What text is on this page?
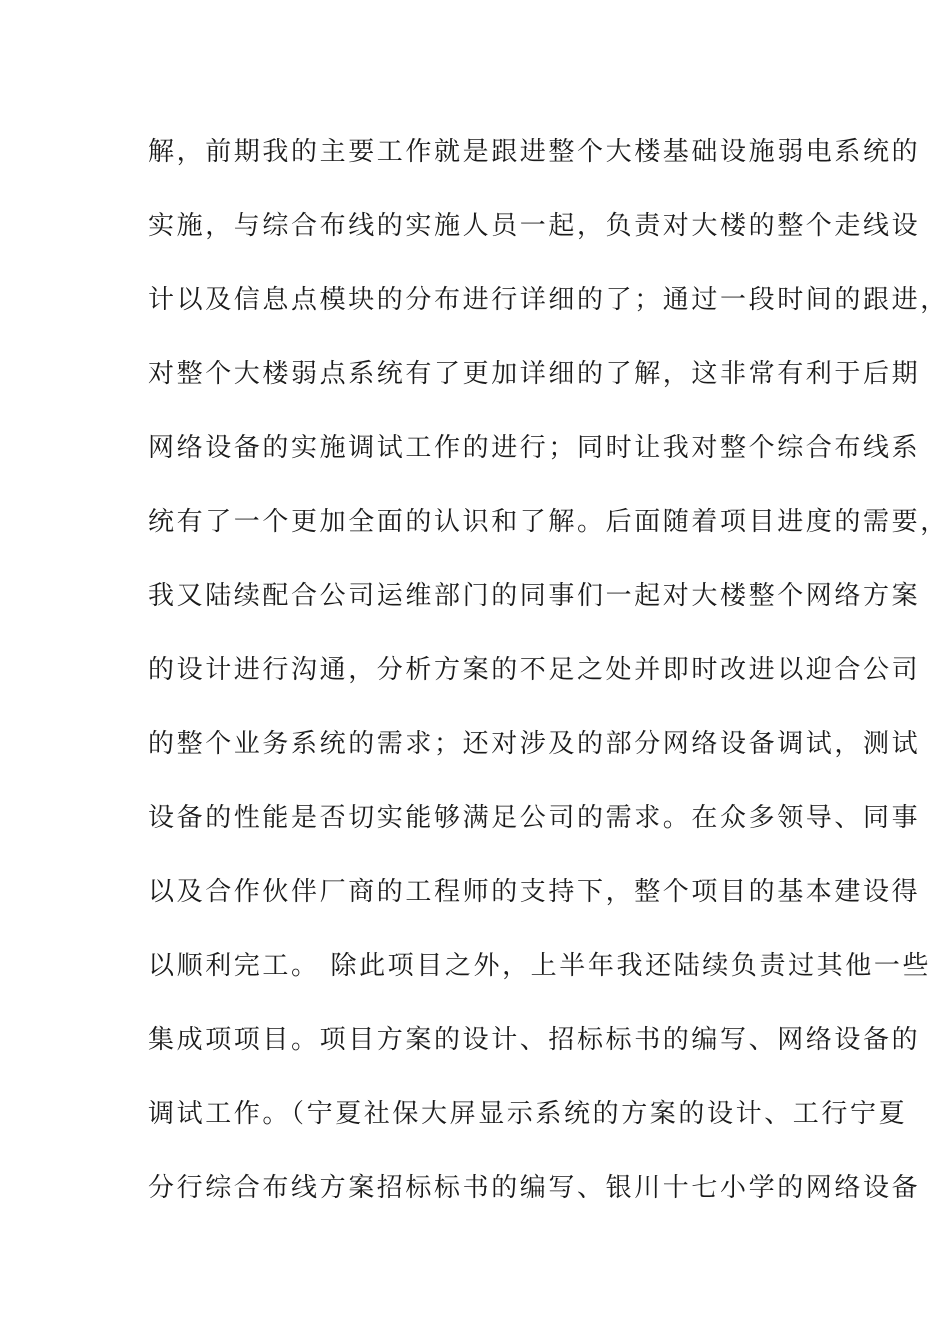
解，前期我的主要工作就是跟进整个大楼基础设施弱电系统的
实施，与综合布线的实施人员一起，负责对大楼的整个走线设
计以及信息点模块的分布进行详细的了；通过一段时间的跟进，
对整个大楼弱点系统有了更加详细的了解，这非常有利于后期
网络设备的实施调试工作的进行；同时让我对整个综合布线系
统有了一个更加全面的认识和了解。后面随着项目进度的需要，
我又陆续配合公司运维部门的同事们一起对大楼整个网络方案
的设计进行沟通，分析方案的不足之处并即时改进以迎合公司
的整个业务系统的需求；还对涉及的部分网络设备调试，测试
设备的性能是否切实能够满足公司的需求。在众多领导、同事
以及合作伙伴厂商的工程师的支持下，整个项目的基本建设得
以顺利完工。 除此项目之外，上半年我还陆续负责过其他一些
集成项项目。项目方案的设计、招标标书的编写、网络设备的
调试工作。（宁夏社保大屏显示系统的方案的设计、工行宁夏
分行综合布线方案招标标书的编写、银川十七小学的网络设备
